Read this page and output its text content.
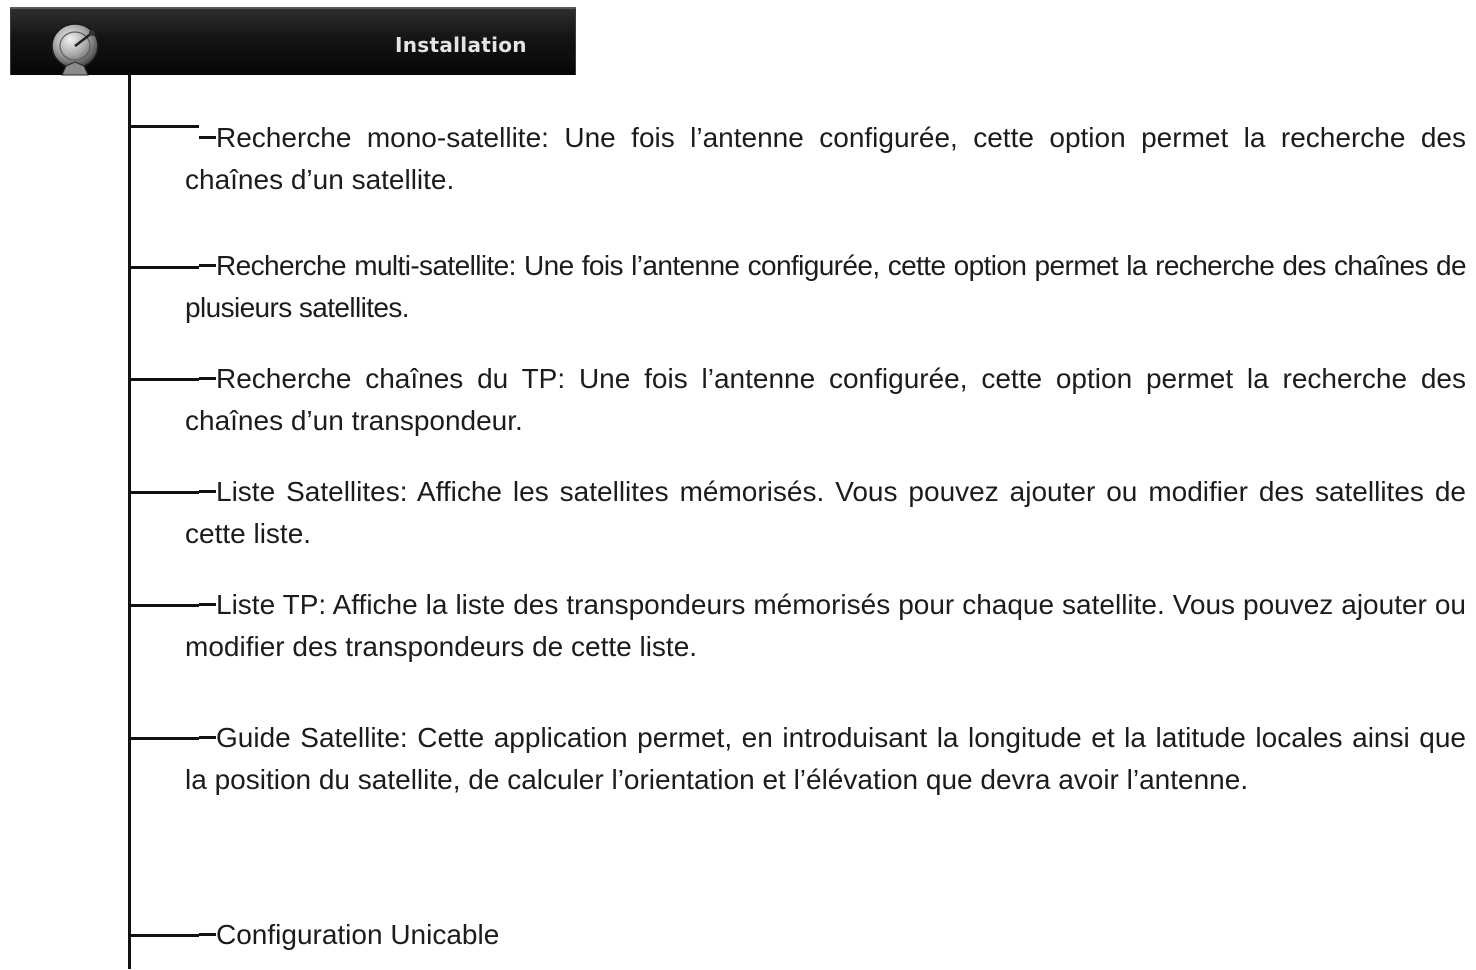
Installation
Recherche mono-satellite: Une fois l’antenne configurée, cette option permet la recherche des chaînes d’un satellite.
Recherche multi-satellite: Une fois l’antenne configurée, cette option permet la recherche des chaînes de plusieurs satellites.
Recherche chaînes du TP: Une fois l’antenne configurée, cette option permet la recherche des chaînes d’un transpondeur.
Liste Satellites: Affiche les satellites mémorisés. Vous pouvez ajouter ou modifier des satellites de cette liste.
Liste TP: Affiche la liste des transpondeurs mémorisés pour chaque satellite. Vous pouvez ajouter ou modifier des transpondeurs de cette liste.
Guide Satellite: Cette application permet, en introduisant la longitude et la latitude locales ainsi que la position du satellite, de calculer l’orientation et l’élévation que devra avoir l’antenne.
Configuration Unicable
